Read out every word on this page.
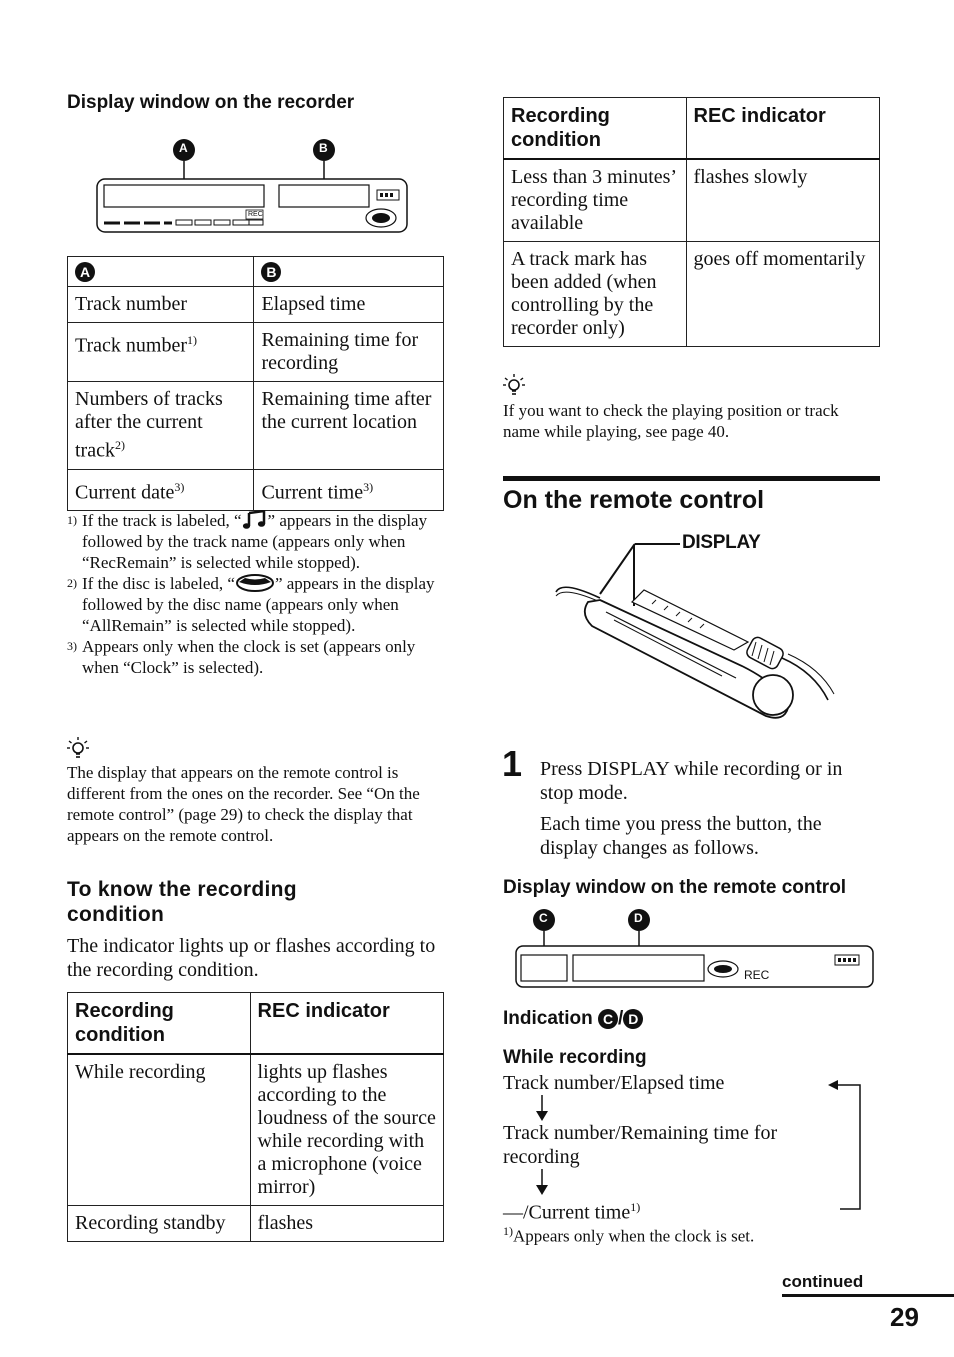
Display window on the recorder
REC
A	B
A	B
Track number	Elapsed time
Track number$^{1)}$	Remaining time for recording
Numbers of tracks after the current track$^{2)}$	Remaining time after the current location
Current date$^{3)}$	Current time$^{3)}$
1) If the track is labeled, “ ” appears in the display followed by the track name (appears only when “RecRemain” is selected while stopped).
2) If the disc is labeled, “ ” appears in the display followed by the disc name (appears only when “AllRemain” is selected while stopped).
3) Appears only when the clock is set (appears only when “Clock” is selected).
The display that appears on the remote control is different from the ones on the recorder. See “On the remote control” (page 29) to check the display that appears on the remote control.
To know the recording condition
The indicator lights up or flashes according to the recording condition.
Recording condition	REC indicator
While recording	lights up flashes according to the loudness of the source while recording with a microphone (voice mirror)
Recording standby	flashes
Recording condition	REC indicator
Less than 3 minutes’ recording time available	flashes slowly
A track mark has been added (when controlling by the recorder only)	goes off momentarily
If you want to check the playing position or track name while playing, see page 40.
On the remote control
DISPLAY
1 Press DISPLAY while recording or in stop mode.
Each time you press the button, the display changes as follows.
Display window on the remote control
REC
C	D
Indication C / D
While recording
Track number/Elapsed time
Track number/Remaining time for recording
—/Current time$^{1)}$
$^{1)}$Appears only when the clock is set.
continued
29
